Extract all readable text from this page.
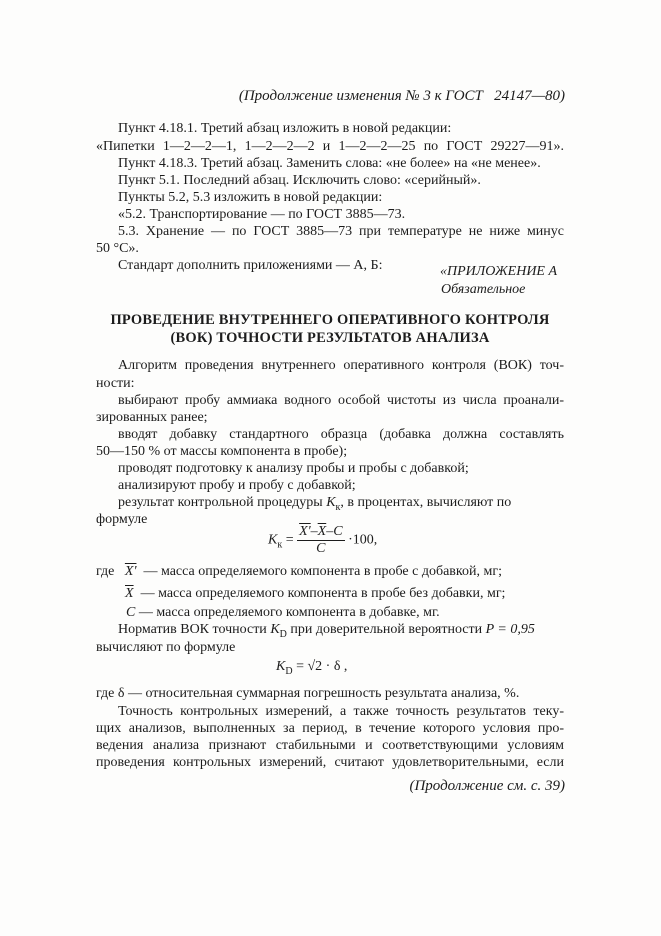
(Продолжение изменения № 3 к ГОСТ   24147—80)
Пункт 4.18.1. Третий абзац изложить в новой редакции:
«Пипетки 1—2—2—1, 1—2—2—2 и 1—2—2—25 по ГОСТ 29227—91».
Пункт 4.18.3. Третий абзац. Заменить слова: «не более» на «не менее».
Пункт 5.1. Последний абзац. Исключить слово: «серийный».
Пункты 5.2, 5.3 изложить в новой редакции:
«5.2. Транспортирование — по ГОСТ 3885—73.
5.3. Хранение — по ГОСТ 3885—73 при температуре не ниже минус
50 °С».
Стандарт дополнить приложениями — А, Б:	«ПРИЛОЖЕНИЕ А
Обязательное
ПРОВЕДЕНИЕ ВНУТРЕННЕГО ОПЕРАТИВНОГО КОНТРОЛЯ
(ВОК) ТОЧНОСТИ РЕЗУЛЬТАТОВ АНАЛИЗА
Алгоритм проведения внутреннего оперативного контроля (ВОК) точ-
ности:
выбирают пробу аммиака водного особой чистоты из числа проанали-
зированных ранее;
вводят добавку стандартного образца (добавка должна составлять
50—150 % от массы компонента в пробе);
проводят подготовку к анализу пробы и пробы с добавкой;
анализируют пробу и пробу с добавкой;
результат контрольной процедуры $K_к$, в процентах, вычисляют по
формуле
$K_к = \frac{X'-\overline{X}-C}{C} \cdot 100$,
где X' — масса определяемого компонента в пробе с добавкой, мг;
$\overline{X}$ — масса определяемого компонента в пробе без добавки, мг;
C — масса определяемого компонента в добавке, мг.
Норматив ВОК точности $K_D$ при доверительной вероятности P = 0,95
вычисляют по формуле
$K_D = √2 \cdot \delta$ ,
где δ — относительная суммарная погрешность результата анализа, %.
Точность контрольных измерений, а также точность результатов теку-
щих анализов, выполненных за период, в течение которого условия про-
ведения анализа признают стабильными и соответствующими условиям
проведения контрольных измерений, считают удовлетворительными, если
(Продолжение см. с. 39)
